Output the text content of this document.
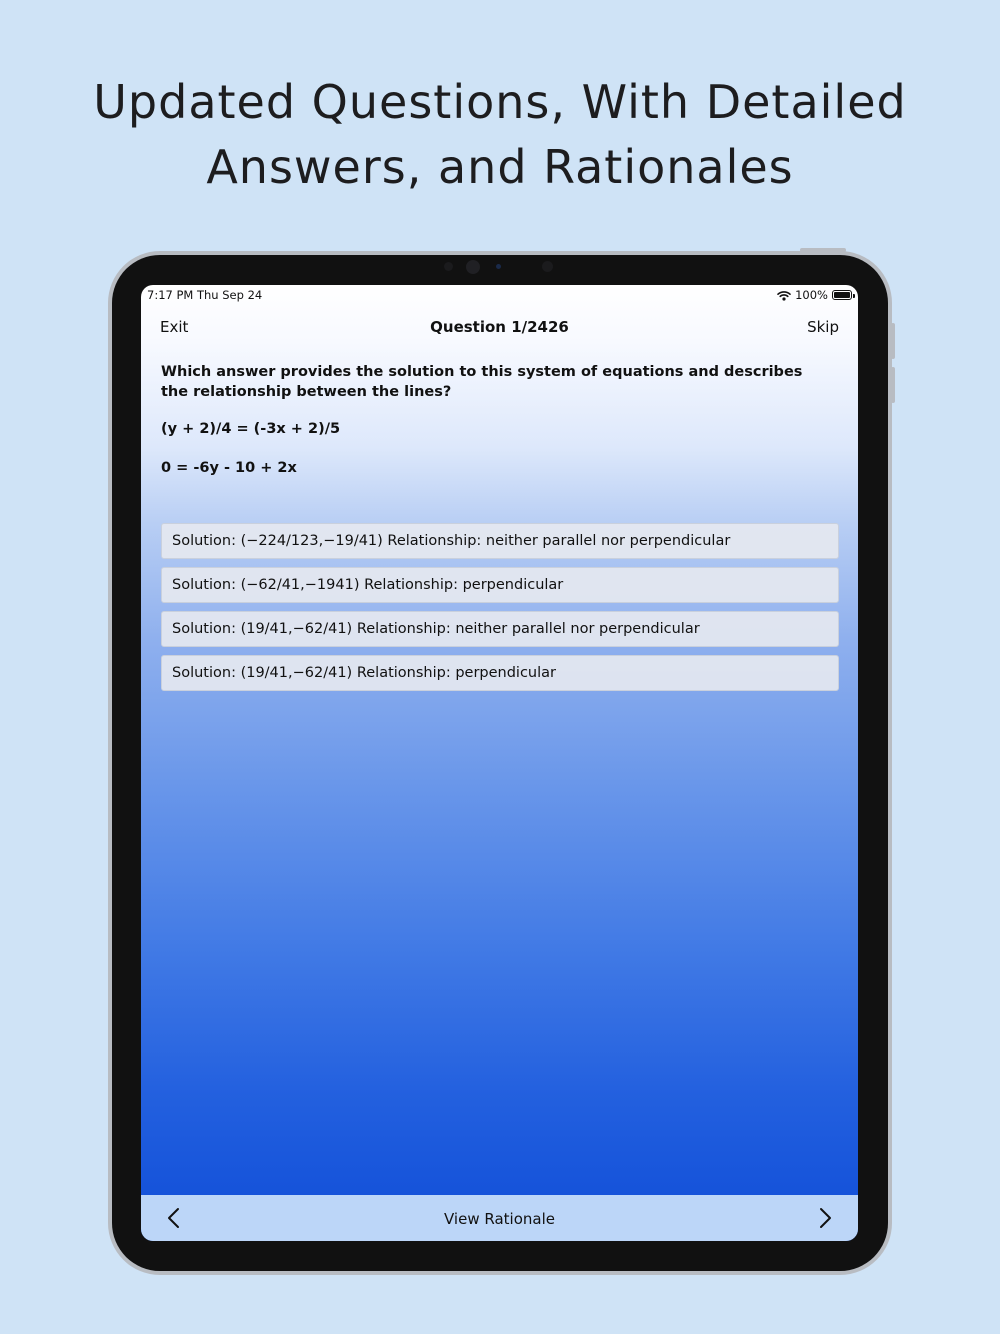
Updated Questions, With Detailed
Answers, and Rationales
7:17 PM Thu Sep 24	100%
Exit	Question 1/2426	Skip
Which answer provides the solution to this system of equations and describes the relationship between the lines?
(y + 2)/4 = (-3x + 2)/5
0 = -6y - 10 + 2x
Solution: (−224/123,−19/41) Relationship: neither parallel nor perpendicular
Solution: (−62/41,−1941) Relationship: perpendicular
Solution: (19/41,−62/41) Relationship: neither parallel nor perpendicular
Solution: (19/41,−62/41) Relationship: perpendicular
View Rationale
